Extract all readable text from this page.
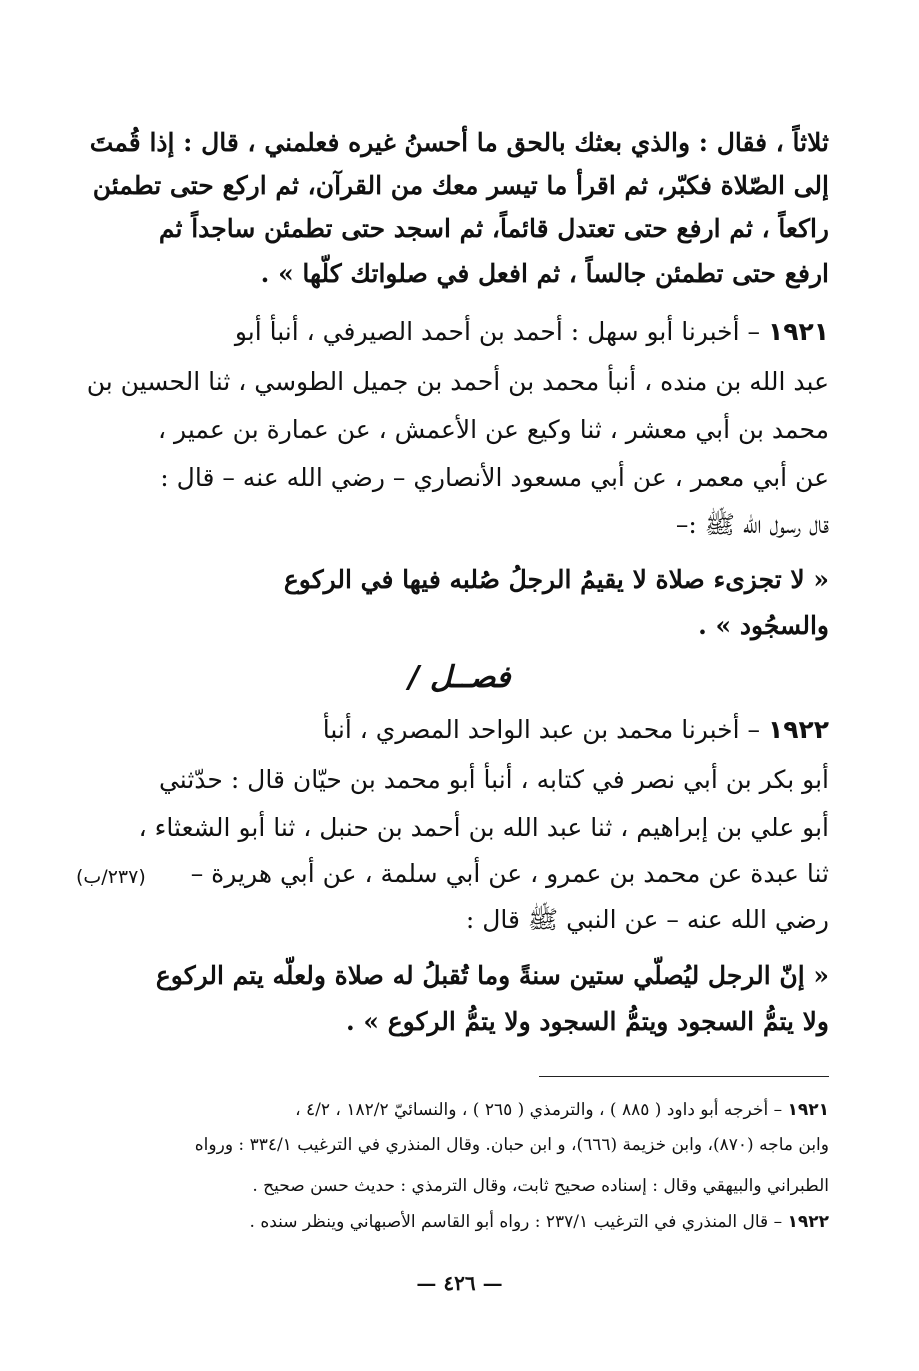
ثلاثاً ، فقال : والذي بعثك بالحق ما أحسنُ غيره فعلمني ، قال : إذا قُمتَ
إلى الصّلاة فكبّر، ثم اقرأ ما تيسر معك من القرآن، ثم اركع حتى تطمئن
راكعاً ، ثم ارفع حتى تعتدل قائماً، ثم اسجد حتى تطمئن ساجداً ثم
ارفع حتى تطمئن جالساً ، ثم افعل في صلواتك كلّها » .
١٩٢١ – أخبرنا أبو سهل : أحمد بن أحمد الصيرفي ، أنبأ أبو
عبد الله بن منده ، أنبأ محمد بن أحمد بن جميل الطوسي ، ثنا الحسين بن
محمد بن أبي معشر ، ثنا وكيع عن الأعمش ، عن عمارة بن عمير ،
عن أبي معمر ، عن أبي مسعود الأنصاري – رضي الله عنه – قال :
قال رسول الله ﷺ :–
« لا تجزىء صلاة لا يقيمُ الرجلُ صُلبه فيها في الركوع
والسجُود » .
فصــل /
١٩٢٢ – أخبرنا محمد بن عبد الواحد المصري ، أنبأ
أبو بكر بن أبي نصر في كتابه ، أنبأ أبو محمد بن حيّان قال : حدّثني
أبو علي بن إبراهيم ، ثنا عبد الله بن أحمد بن حنبل ، ثنا أبو الشعثاء ،
ثنا عبدة عن محمد بن عمرو ، عن أبي سلمة ، عن أبي هريرة –
(٢٣٧/ب)
رضي الله عنه – عن النبي ﷺ قال :
« إنّ الرجل ليُصلّي ستين سنةً وما تُقبلُ له صلاة ولعلّه يتم الركوع
ولا يتمُّ السجود ويتمُّ السجود ولا يتمُّ الركوع » .
١٩٢١ – أخرجه أبو داود ( ٨٨٥ ) ، والترمذي ( ٢٦٥ ) ، والنسائيّ ١٨٢/٢ ، ٤/٢ ،
وابن ماجه (٨٧٠)، وابن خزيمة (٦٦٦)، و ابن حبان. وقال المنذري في الترغيب ٣٣٤/١ : ورواه
الطبراني والبيهقي وقال : إسناده صحيح ثابت، وقال الترمذي : حديث حسن صحيح .
١٩٢٢ – قال المنذري في الترغيب ٢٣٧/١ : رواه أبو القاسم الأصبهاني وينظر سنده .
— ٤٢٦ —
